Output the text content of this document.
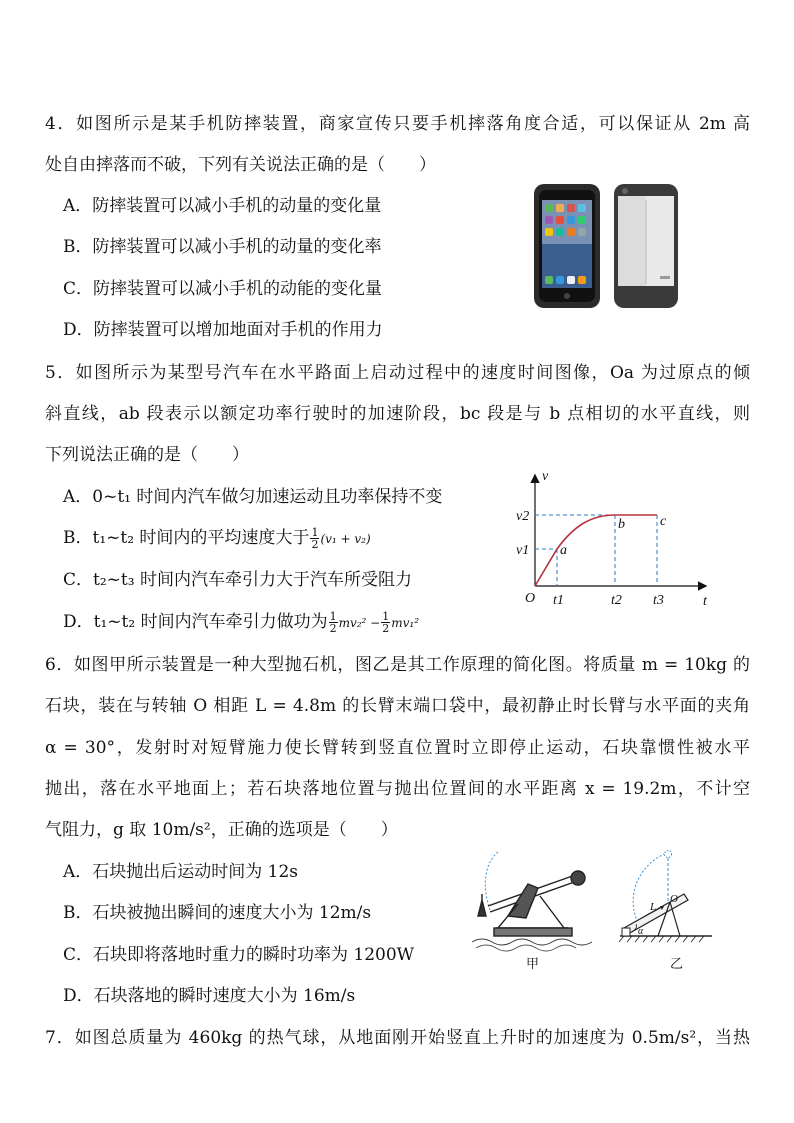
4．如图所示是某手机防摔装置，商家宣传只要手机摔落角度合适，可以保证从 2m 高
处自由摔落而不破，下列有关说法正确的是（　　）
A．防摔装置可以减小手机的动量的变化量
B．防摔装置可以减小手机的动量的变化率
C．防摔装置可以减小手机的动能的变化量
D．防摔装置可以增加地面对手机的作用力
5．如图所示为某型号汽车在水平路面上启动过程中的速度时间图像，Oa 为过原点的倾
斜直线，ab 段表示以额定功率行驶时的加速阶段，bc 段是与 b 点相切的水平直线，则
下列说法正确的是（　　）
A．0~t₁ 时间内汽车做匀加速运动且功率保持不变
B．t₁~t₂ 时间内的平均速度大于 $\frac{1}{2} (v_1 + v_2)$
C．t₂~t₃ 时间内汽车牵引力大于汽车所受阻力
D．t₁~t₂ 时间内汽车牵引力做功为 $\frac{1}{2} mv_2^2 - \frac{1}{2} mv_1^2$
v
t
O
v1
v2
t1	t2 t3
a
b	c
6．如图甲所示装置是一种大型抛石机，图乙是其工作原理的简化图。将质量 m = 10kg 的
石块，装在与转轴 O 相距 L = 4.8m 的长臂末端口袋中，最初静止时长臂与水平面的夹角
α = 30°，发射时对短臂施力使长臂转到竖直位置时立即停止运动，石块靠惯性被水平
抛出，落在水平地面上；若石块落地位置与抛出位置间的水平距离 x = 19.2m，不计空
气阻力，g 取 10m/s²，正确的选项是（　　）
A．石块抛出后运动时间为 12s
B．石块被抛出瞬间的速度大小为 12m/s
C．石块即将落地时重力的瞬时功率为 1200W
D．石块落地的瞬时速度大小为 16m/s
甲
L
O
α
乙
7．如图总质量为 460kg 的热气球，从地面刚开始竖直上升时的加速度为 0.5m/s²，当热
